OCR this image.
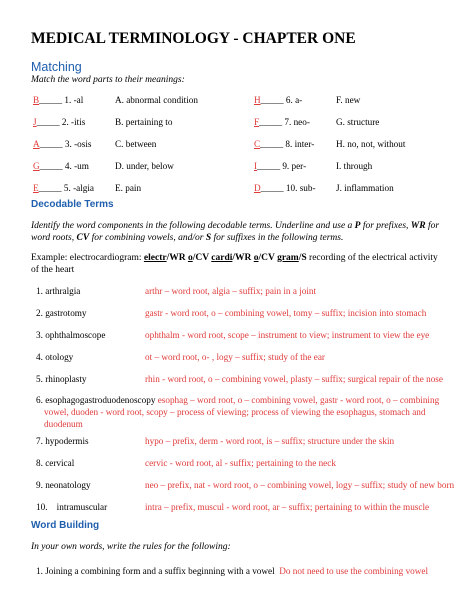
MEDICAL TERMINOLOGY - CHAPTER ONE
Matching
Match the word parts to their meanings:
B_____ 1. -al	A. abnormal condition
J_____ 2. -itis	B. pertaining to
A_____ 3. -osis	C. between
G_____ 4. -um	D. under, below
E_____ 5. -algia E. pain
H_____ 6. a-	F. new
F_____ 7. neo-	G. structure
C_____ 8. inter- H. no, not, without
I_____ 9. per-	I. through
D_____ 10. sub- J. inflammation
Decodable Terms
Identify the word components in the following decodable terms. Underline and use a P for prefixes, WR for word roots, CV for combining vowels, and/or S for suffixes in the following terms.
Example: electrocardiogram: electr/WR o/CV cardi/WR o/CV gram/S recording of the electrical activity of the heart
1. arthralgia	arthr – word root, algia – suffix; pain in a joint
2. gastrotomy	gastr - word root, o – combining vowel, tomy – suffix; incision into stomach
3. ophthalmoscope	ophthalm - word root, scope – instrument to view; instrument to view the eye
4. otology	ot – word root, o- , logy – suffix; study of the ear
5. rhinoplasty	rhin - word root, o – combining vowel, plasty – suffix; surgical repair of the nose
6. esophagogastroduodenoscopy esophag – word root, o – combining vowel, gastr - word root, o – combining
vowel, duoden - word root, scopy – process of viewing; process of viewing the esophagus, stomach and
duodenum
7. hypodermis	hypo – prefix, derm - word root, is – suffix; structure under the skin
8. cervical	cervic - word root, al - suffix; pertaining to the neck
9. neonatology	neo – prefix, nat - word root, o – combining vowel, logy – suffix; study of new born
10. intramuscular	intra – prefix, muscul - word root, ar – suffix; pertaining to within the muscle
Word Building
In your own words, write the rules for the following:
1. Joining a combining form and a suffix beginning with a vowel Do not need to use the combining vowel
